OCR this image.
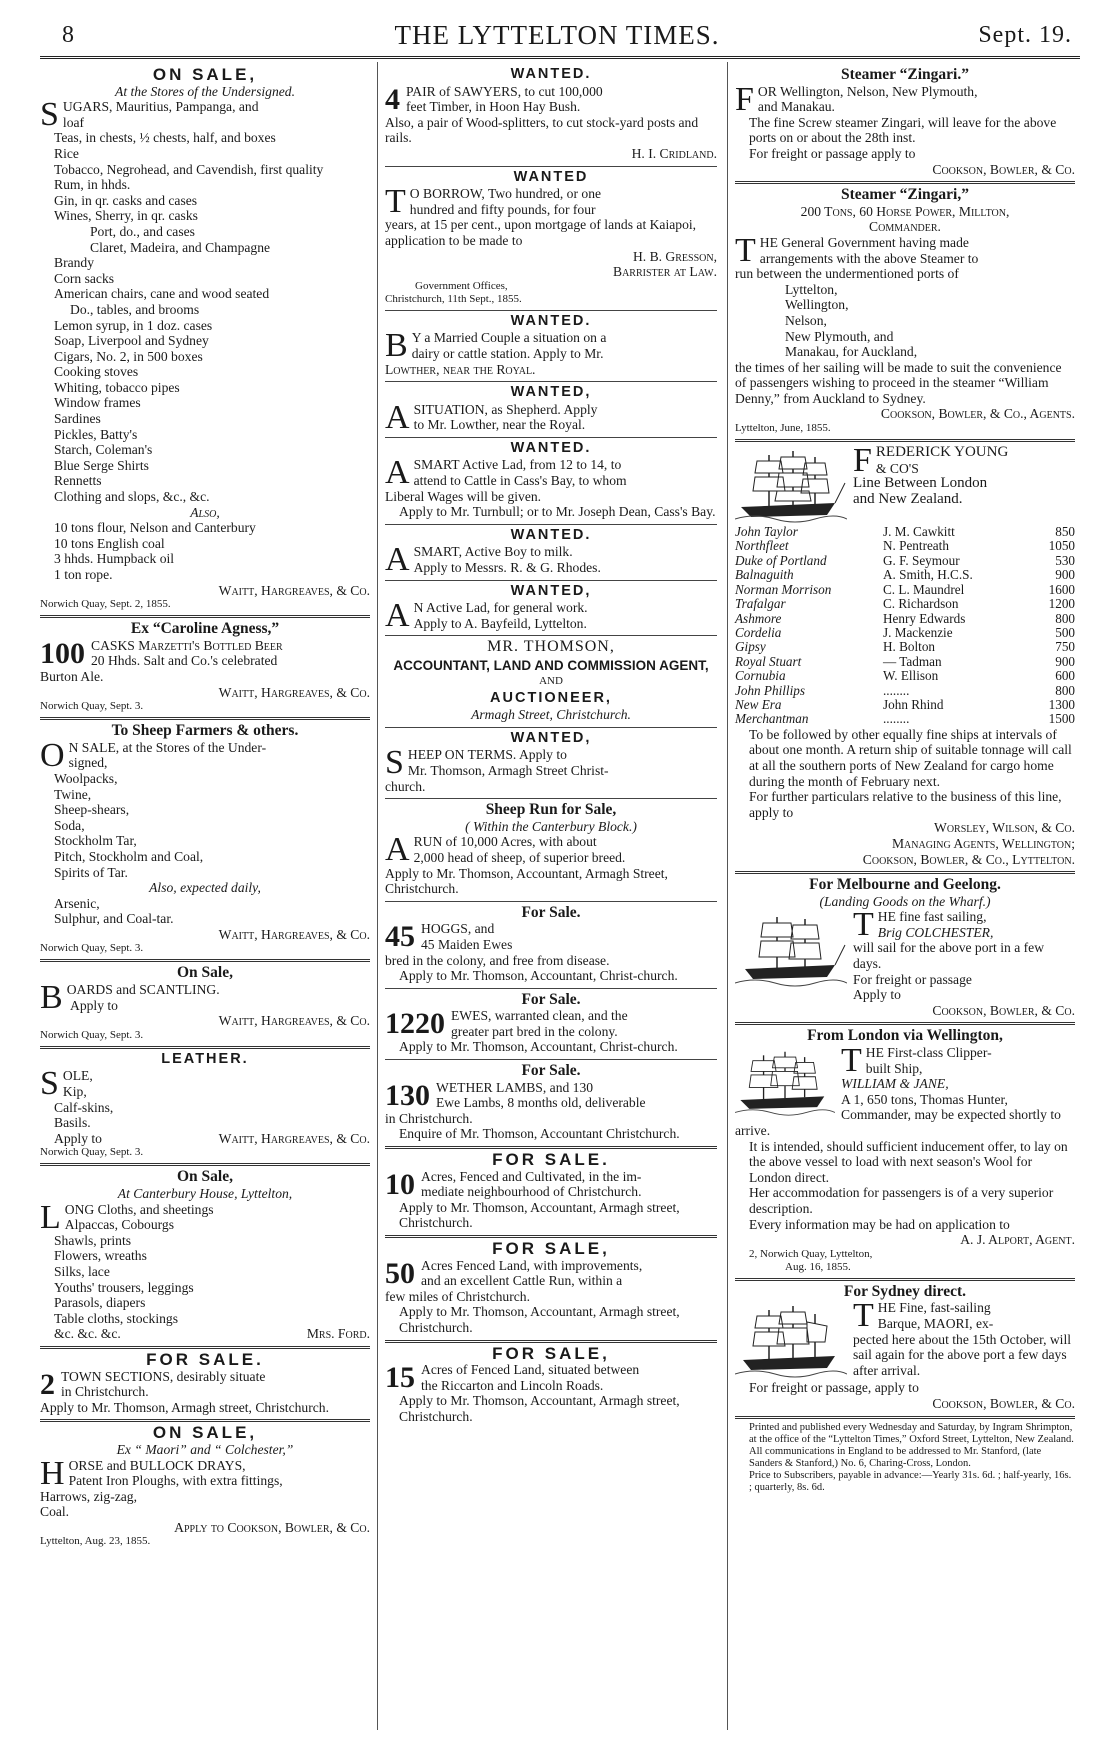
8	THE LYTTELTON TIMES.	Sept. 19.
ON SALE,
At the Stores of the Undersigned.
S UGARS, Mauritius, Pampanga, and

loaf

Teas, in chests, ½ chests, half, and boxes

Rice

Tobacco, Negrohead, and Cavendish, first quality

Rum, in hhds.

Gin, in qr. casks and cases

Wines, Sherry, in qr. casks

Port, do., and cases

Claret, Madeira, and Champagne

Brandy

Corn sacks

American chairs, cane and wood seated

Do., tables, and brooms

Lemon syrup, in 1 doz. cases

Soap, Liverpool and Sydney

Cigars, No. 2, in 500 boxes

Cooking stoves

Whiting, tobacco pipes

Window frames

Sardines

Pickles, Batty's

Starch, Coleman's

Blue Serge Shirts

Rennetts

Clothing and slops, &c., &c.

Also,

10 tons flour, Nelson and Canterbury

10 tons English coal

3 hhds. Humpback oil

1 ton rope.

Waitt, Hargreaves, & Co.

Norwich Quay, Sept. 2, 1855.

Ex “Caroline Agness,”
100 CASKS Marzetti's Bottled Beer

20 Hhds. Salt and Co.'s celebrated

Burton Ale.

Waitt, Hargreaves, & Co.

Norwich Quay, Sept. 3.

To Sheep Farmers & others.
O N SALE, at the Stores of the Under-

signed,

Woolpacks,

Twine,

Sheep-shears,

Soda,

Stockholm Tar,

Pitch, Stockholm and Coal,

Spirits of Tar.

Also, expected daily,

Arsenic,

Sulphur, and Coal-tar.

Waitt, Hargreaves, & Co.

Norwich Quay, Sept. 3.

On Sale,
B OARDS and SCANTLING.

Apply to

Waitt, Hargreaves, & Co.

Norwich Quay, Sept. 3.

LEATHER.
S OLE,

Kip,

Calf-skins,

Basils.

Apply to	Waitt, Hargreaves, & Co.

Norwich Quay, Sept. 3.

On Sale,
At Canterbury House, Lyttelton,
L ONG Cloths, and sheetings

Alpaccas, Cobourgs

Shawls, prints

Flowers, wreaths

Silks, lace

Youths' trousers, leggings

Parasols, diapers

Table cloths, stockings

&c. &c. &c.	Mrs. Ford.

FOR SALE.
2 TOWN SECTIONS, desirably situate

in Christchurch.

Apply to Mr. Thomson, Armagh street, Christchurch.

ON SALE,
Ex “ Maori” and “ Colchester,”
H ORSE and BULLOCK DRAYS,

Patent Iron Ploughs, with extra fittings,

Harrows, zig-zag,

Coal.

Apply to Cookson, Bowler, & Co.

Lyttelton, Aug. 23, 1855.

WANTED.
4 PAIR of SAWYERS, to cut 100,000

feet Timber, in Hoon Hay Bush.

Also, a pair of Wood-splitters, to cut stock-yard posts and rails.

H. I. Cridland.

WANTED
T O BORROW, Two hundred, or one

hundred and fifty pounds, for four

years, at 15 per cent., upon mortgage of lands at Kaiapoi, application to be made to

H. B. Gresson,

Barrister at Law.

Government Offices,

Christchurch, 11th Sept., 1855.

WANTED.
B Y a Married Couple a situation on a

dairy or cattle station. Apply to Mr.

Lowther, near the Royal.

WANTED,
A SITUATION, as Shepherd. Apply

to Mr. Lowther, near the Royal.

WANTED.
A SMART Active Lad, from 12 to 14, to

attend to Cattle in Cass's Bay, to whom

Liberal Wages will be given.

Apply to Mr. Turnbull; or to Mr. Joseph Dean, Cass's Bay.

WANTED.
A SMART, Active Boy to milk.

Apply to Messrs. R. & G. Rhodes.

WANTED,
A N Active Lad, for general work.

Apply to A. Bayfeild, Lyttelton.

MR. THOMSON,

ACCOUNTANT, LAND AND COMMISSION AGENT,

AND

AUCTIONEER,

Armagh Street, Christchurch.

WANTED,
S HEEP ON TERMS. Apply to

Mr. Thomson, Armagh Street Christ-

church.

Sheep Run for Sale,
( Within the Canterbury Block.)
A RUN of 10,000 Acres, with about

2,000 head of sheep, of superior breed.

Apply to Mr. Thomson, Accountant, Armagh Street, Christchurch.

For Sale.
45 HOGGS, and

45 Maiden Ewes

bred in the colony, and free from disease.

Apply to Mr. Thomson, Accountant, Christ-church.

For Sale.
1220 EWES, warranted clean, and the

greater part bred in the colony.

Apply to Mr. Thomson, Accountant, Christ-church.

For Sale.
130 WETHER LAMBS, and 130

Ewe Lambs, 8 months old, deliverable

in Christchurch.

Enquire of Mr. Thomson, Accountant Christchurch.

FOR SALE.
10 Acres, Fenced and Cultivated, in the im-

mediate neighbourhood of Christchurch.

Apply to Mr. Thomson, Accountant, Armagh street, Christchurch.

FOR SALE,
50 Acres Fenced Land, with improvements,

and an excellent Cattle Run, within a

few miles of Christchurch.

Apply to Mr. Thomson, Accountant, Armagh street, Christchurch.

FOR SALE,
15 Acres of Fenced Land, situated between

the Riccarton and Lincoln Roads.

Apply to Mr. Thomson, Accountant, Armagh street, Christchurch.

Steamer “Zingari.”
F OR Wellington, Nelson, New Plymouth,

and Manakau.

The fine Screw steamer Zingari, will leave for the above ports on or about the 28th inst.

For freight or passage apply to

Cookson, Bowler, & Co.

Steamer “Zingari,”

200 Tons, 60 Horse Power, Millton,

Commander.

T HE General Government having made

arrangements with the above Steamer to

run between the undermentioned ports of

Lyttelton,

Wellington,

Nelson,

New Plymouth, and

Manakau, for Auckland,

the times of her sailing will be made to suit the convenience of passengers wishing to proceed in the steamer “William Denny,” from Auckland to Sydney.

Cookson, Bowler, & Co., Agents.

Lyttelton, June, 1855.

F REDERICK YOUNG

& CO'S

Line Between London

and New Zealand.

John Taylor	J. M. Cawkitt	850
Northfleet	N. Pentreath	1050
Duke of Portland	G. F. Seymour	530
Balnaguith	A. Smith, H.C.S.	900
Norman Morrison	C. L. Maundrel	1600
Trafalgar	C. Richardson	1200
Ashmore	Henry Edwards	800
Cordelia	J. Mackenzie	500
Gipsy	H. Bolton	750
Royal Stuart	— Tadman	900
Cornubia	W. Ellison	600
John Phillips	........	800
New Era	John Rhind	1300
Merchantman	........	1500

To be followed by other equally fine ships at intervals of about one month. A return ship of suitable tonnage will call at all the southern ports of New Zealand for cargo home during the month of February next.

For further particulars relative to the business of this line, apply to

Worsley, Wilson, & Co.

Managing Agents, Wellington;

Cookson, Bowler, & Co., Lyttelton.

For Melbourne and Geelong.
(Landing Goods on the Wharf.)
T HE fine fast sailing,

Brig COLCHESTER,

will sail for the above port in a few days.

For freight or passage

Apply to

Cookson, Bowler, & Co.

From London via Wellington,
T HE First-class Clipper-

built Ship,

WILLIAM & JANE,

A 1, 650 tons, Thomas Hunter, Commander, may be expected shortly to arrive.

It is intended, should sufficient inducement offer, to lay on the above vessel to load with next season's Wool for London direct.

Her accommodation for passengers is of a very superior description.

Every information may be had on application to

A. J. Alport, Agent.

2, Norwich Quay, Lyttelton,

Aug. 16, 1855.

For Sydney direct.
T HE Fine, fast-sailing

Barque, MAORI, ex-

pected here about the 15th October, will sail again for the above port a few days after arrival.

For freight or passage, apply to

Cookson, Bowler, & Co.

Printed and published every Wednesday and Saturday, by Ingram Shrimpton, at the office of the “Lyttelton Times,” Oxford Street, Lyttelton, New Zealand.

All communications in England to be addressed to Mr. Stanford, (late Sanders & Stanford,) No. 6, Charing-Cross, London.

Price to Subscribers, payable in advance:—Yearly 31s. 6d. ; half-yearly, 16s. ; quarterly, 8s. 6d.
